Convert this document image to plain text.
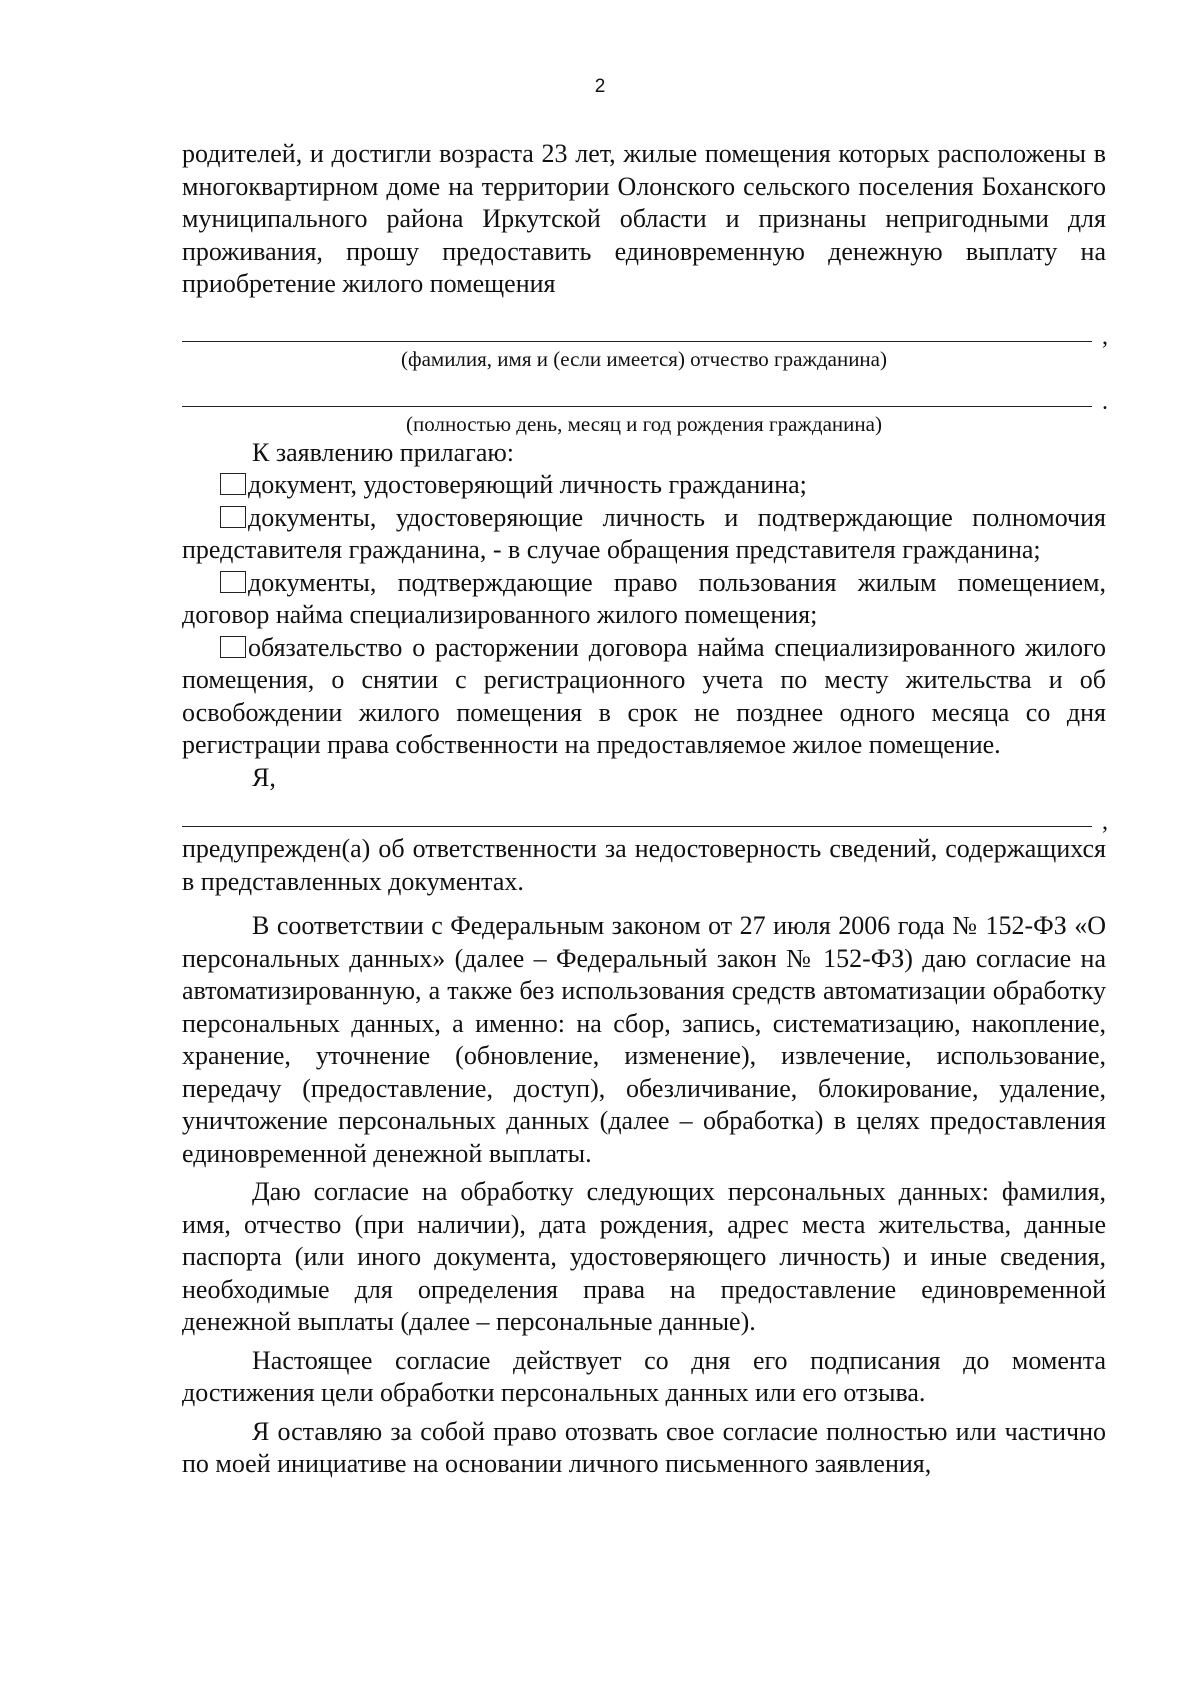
2

родителей, и достигли возраста 23 лет, жилые помещения которых расположены в многоквартирном доме на территории Олонского сельского поселения Боханского муниципального района Иркутской области и признаны непригодными для проживания, прошу предоставить единовременную денежную выплату на приобретение жилого помещения

,
(фамилия, имя и (если имеется) отчество гражданина)
.
(полностью день, месяц и год рождения гражданина)

К заявлению прилагаю:

документ, удостоверяющий личность гражданина;

документы, удостоверяющие личность и подтверждающие полномочия представителя гражданина, - в случае обращения представителя гражданина;

документы, подтверждающие право пользования жилым помещением, договор найма специализированного жилого помещения;

обязательство о расторжении договора найма специализированного жилого помещения, о снятии с регистрационного учета по месту жительства и об освобождении жилого помещения в срок не позднее одного месяца со дня регистрации права собственности на предоставляемое жилое помещение.

Я,

,

предупрежден(а) об ответственности за недостоверность сведений, содержащихся в представленных документах.

В соответствии с Федеральным законом от 27 июля 2006 года № 152-ФЗ «О персональных данных» (далее – Федеральный закон № 152-ФЗ) даю согласие на автоматизированную, а также без использования средств автоматизации обработку персональных данных, а именно: на сбор, запись, систематизацию, накопление, хранение, уточнение (обновление, изменение), извлечение, использование, передачу (предоставление, доступ), обезличивание, блокирование, удаление, уничтожение персональных данных (далее – обработка) в целях предоставления единовременной денежной выплаты.

Даю согласие на обработку следующих персональных данных: фамилия, имя, отчество (при наличии), дата рождения, адрес места жительства, данные паспорта (или иного документа, удостоверяющего личность) и иные сведения, необходимые для определения права на предоставление единовременной денежной выплаты (далее – персональные данные).

Настоящее согласие действует со дня его подписания до момента достижения цели обработки персональных данных или его отзыва.

Я оставляю за собой право отозвать свое согласие полностью или частично по моей инициативе на основании личного письменного заявления,
